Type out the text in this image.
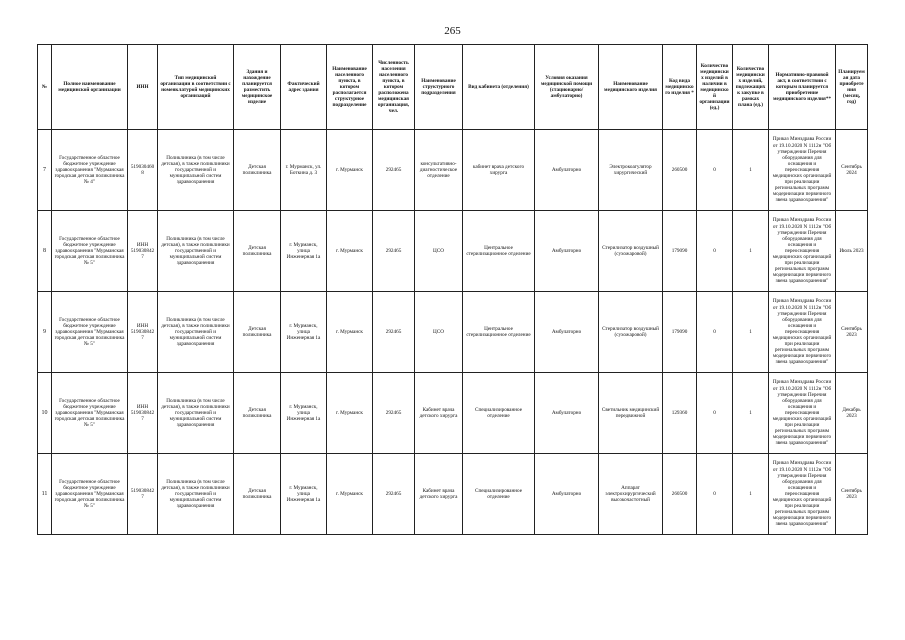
265
№	Полное наименование медицинской организации	ИНН	Тип медицинской организации в соответствии с номенклатурой медицинских организаций	Здания и нахождение планируется разместить медицинское изделие	Фактический адрес здания	Наименование населенного пункта, в котором располагается структурное подразделение	Численность населения населенного пункта, в котором расположена медицинская организация, чел.	Наименование структурного подразделения	Вид кабинета (отделения)	Условия оказания медицинской помощи (стационарно/амбулаторно)	Наименование медицинского изделия	Код вида медицинского изделия *	Количество медицинских изделий в наличии в медицинской организации (ед.)	Количество медицинских изделий, подлежащих к закупке в рамках плана (ед.)	Нормативно-правовой акт, в соответствии с которым планируется приобретение медицинского изделия**	Планируемая дата приобретения (месяц, год)
7	Государственное областное бюджетное учреждение здравоохранения "Мурманская городская детская поликлиника № 4"	5190304608	Поликлиника (в том числе детская), в также поликлиники государственной и муниципальной систем здравоохранения	Детская поликлиника	г. Мурманск, ул. Боткина д. 3	г. Мурманск	292465	консультативно-диагностическое отделение	кабинет врача детского хирурга	Амбулаторно	Электрокоагулятор хирургический	260500	0	1	Приказ Минздрава России от 19.10.2020 N 1112н "Об утверждении Перечня оборудования для оснащения и переоснащения медицинских организаций при реализации региональных программ модернизации первичного звена здравоохранения"	Сентябрь 2024
8	Государственное областное бюджетное учреждение здравоохранения "Мурманская городская детская поликлиника № 5"	ИНН 5190308427	Поликлиника (в том числе детская), в также поликлиники государственной и муниципальной систем здравоохранения	Детская поликлиника	г. Мурманск, улица Инженерная 1а	г. Мурманск	292465	ЦСО	Центральное стерилизационное отделение	Амбулаторно	Стерилизатор воздушный (сухожаровой)	179090	0	1	Приказ Минздрава России от 19.10.2020 N 1112н "Об утверждении Перечня оборудования для оснащения и переоснащения медицинских организаций при реализации региональных программ модернизации первичного звена здравоохранения"	Июль 2023
9	Государственное областное бюджетное учреждение здравоохранения "Мурманская городская детская поликлиника № 5"	ИНН 5190308427	Поликлиника (в том числе детская), в также поликлиники государственной и муниципальной систем здравоохранения	Детская поликлиника	г. Мурманск, улица Инженерная 1а	г. Мурманск	292465	ЦСО	Центральное стерилизационное отделение	Амбулаторно	Стерилизатор воздушный (сухожаровой)	179090	0	1	Приказ Минздрава России от 19.10.2020 N 1112н "Об утверждении Перечня оборудования для оснащения и переоснащения медицинских организаций при реализации региональных программ модернизации первичного звена здравоохранения"	Сентябрь 2023
10	Государственное областное бюджетное учреждение здравоохранения "Мурманская городская детская поликлиника № 5"	ИНН 5190308427	Поликлиника (в том числе детская), в также поликлиники государственной и муниципальной систем здравоохранения	Детская поликлиника	г. Мурманск, улица Инженерная 1а	г. Мурманск	292465	Кабинет врача детского хирурга	Специализированное отделение	Амбулаторно	Светильник медицинский передвижной	129360	0	1	Приказ Минздрава России от 19.10.2020 N 1112н "Об утверждении Перечня оборудования для оснащения и переоснащения медицинских организаций при реализации региональных программ модернизации первичного звена здравоохранения"	Декабрь 2023
11	Государственное областное бюджетное учреждение здравоохранения "Мурманская городская детская поликлиника № 5"	5190308427	Поликлиника (в том числе детская), в также поликлиники государственной и муниципальной систем здравоохранения	Детская поликлиника	г. Мурманск, улица Инженерная 1а	г. Мурманск	292465	Кабинет врача детского хирурга	Специализированное отделение	Амбулаторно	Аппарат электрохирургический высокочастотный	260500	0	1	Приказ Минздрава России от 19.10.2020 N 1112н "Об утверждении Перечня оборудования для оснащения и переоснащения медицинских организаций при реализации региональных программ модернизации первичного звена здравоохранения"	Сентябрь 2023
